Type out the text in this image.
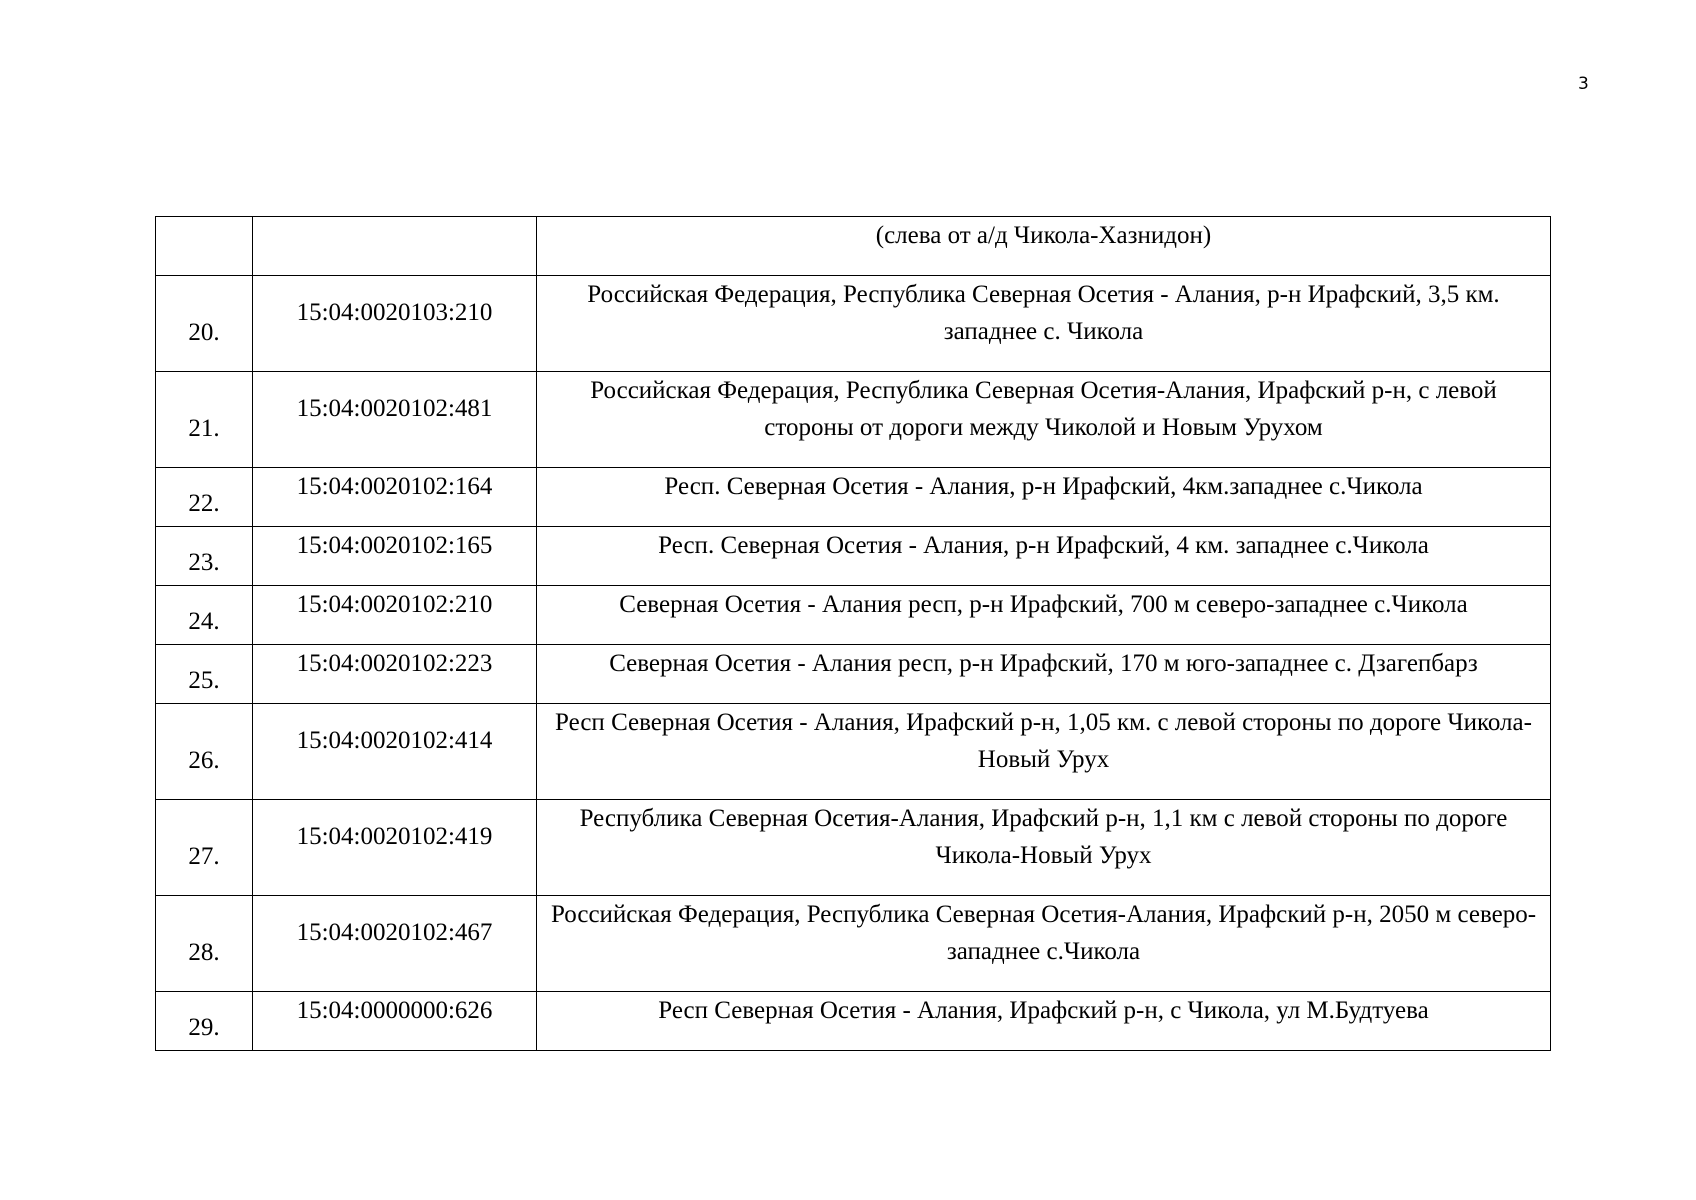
3
		(слева от а/д Чикола-Хазнидон)
20.	15:04:0020103:210	Российская Федерация, Республика Северная Осетия - Алания, р-н Ирафский, 3,5 км. западнее с. Чикола
21.	15:04:0020102:481	Российская Федерация, Республика Северная Осетия-Алания, Ирафский р-н, с левой стороны от дороги между Чиколой и Новым Урухом
22.	15:04:0020102:164	Респ. Северная Осетия - Алания, р-н Ирафский, 4км.западнее с.Чикола
23.	15:04:0020102:165	Респ. Северная Осетия - Алания, р-н Ирафский, 4 км. западнее с.Чикола
24.	15:04:0020102:210	Северная Осетия - Алания респ, р-н Ирафский, 700 м северо-западнее с.Чикола
25.	15:04:0020102:223	Северная Осетия - Алания респ, р-н Ирафский, 170 м юго-западнее с. Дзагепбарз
26.	15:04:0020102:414	Респ Северная Осетия - Алания, Ирафский р-н, 1,05 км. с левой стороны по дороге Чикола-Новый Урух
27.	15:04:0020102:419	Республика Северная Осетия-Алания, Ирафский р-н, 1,1 км с левой стороны по дороге Чикола-Новый Урух
28.	15:04:0020102:467	Российская Федерация, Республика Северная Осетия-Алания, Ирафский р-н, 2050 м северо-западнее с.Чикола
29.	15:04:0000000:626	Респ Северная Осетия - Алания, Ирафский р-н, с Чикола, ул М.Будтуева
